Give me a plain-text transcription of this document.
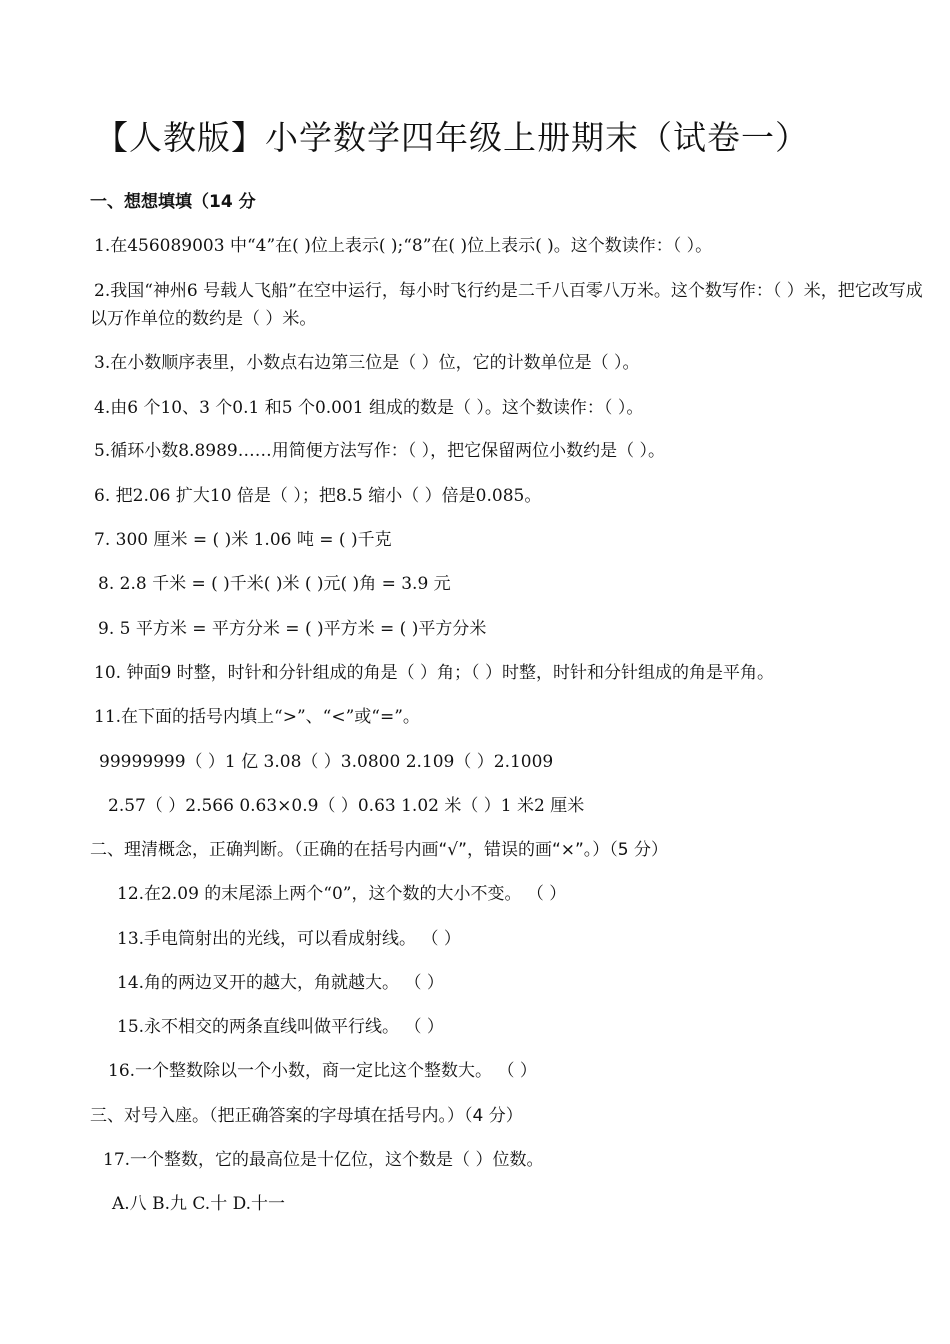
【人教版】小学数学四年级上册期末（试卷一）
一、想想填填（14 分
1.在456089003 中“4”在( )位上表示( );“8”在( )位上表示( )。这个数读作：（ ）。
2.我国“神州6 号载人飞船”在空中运行，每小时飞行约是二千八百零八万米。这个数写作：（ ）米，把它改写成
以万作单位的数约是（ ）米。
3.在小数顺序表里，小数点右边第三位是（ ）位，它的计数单位是（ ）。
4.由6 个10、3 个0.1 和5 个0.001 组成的数是（ ）。这个数读作：（ ）。
5.循环小数8.8989……用简便方法写作：（ ），把它保留两位小数约是（ ）。
6. 把2.06 扩大10 倍是（ ）；把8.5 缩小（ ）倍是0.085。
7. 300 厘米 = ( )米 1.06 吨 = ( )千克
8. 2.8 千米 = ( )千米( )米 ( )元( )角 = 3.9 元
9. 5 平方米 = 平方分米 = ( )平方米 = ( )平方分米
10. 钟面9 时整，时针和分针组成的角是（ ）角；（ ）时整，时针和分针组成的角是平角。
11.在下面的括号内填上“>”、“<”或“=”。
99999999（ ）1 亿 3.08（ ）3.0800 2.109（ ）2.1009
2.57（ ）2.566 0.63×0.9（ ）0.63 1.02 米（ ）1 米2 厘米
二、理清概念，正确判断。（正确的在括号内画“√”，错误的画“×”。）（5 分）
12.在2.09 的末尾添上两个“0”，这个数的大小不变。 （ ）
13.手电筒射出的光线，可以看成射线。 （ ）
14.角的两边叉开的越大，角就越大。 （ ）
15.永不相交的两条直线叫做平行线。 （ ）
16.一个整数除以一个小数，商一定比这个整数大。 （ ）
三、对号入座。（把正确答案的字母填在括号内。）（4 分）
17.一个整数，它的最高位是十亿位，这个数是（ ）位数。
A.八 B.九 C.十 D.十一
